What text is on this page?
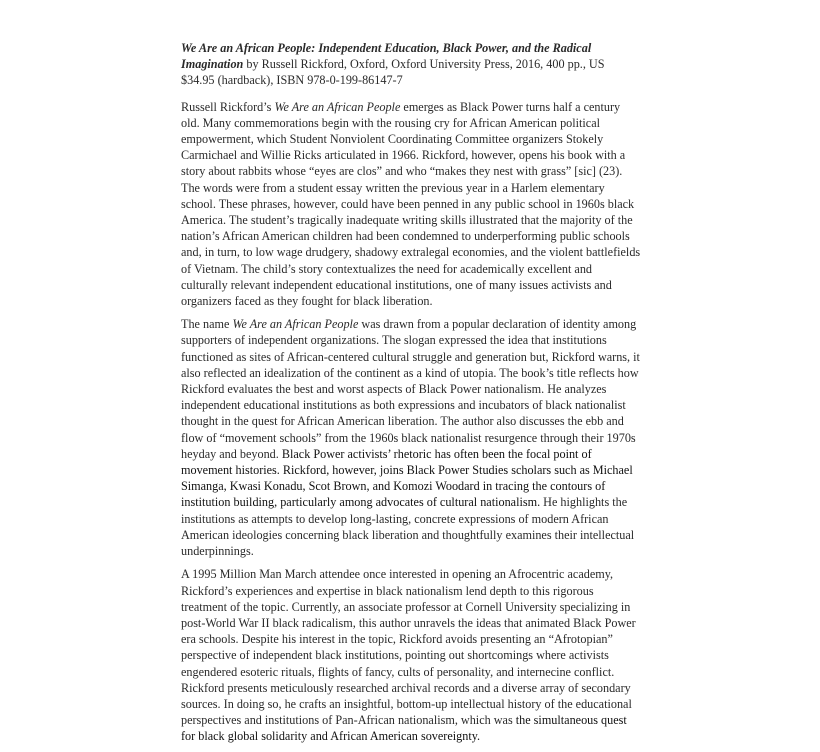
We Are an African People: Independent Education, Black Power, and the Radical Imagination by Russell Rickford, Oxford, Oxford University Press, 2016, 400 pp., US $34.95 (hardback), ISBN 978-0-199-86147-7

Russell Rickford’s We Are an African People emerges as Black Power turns half a century old. Many commemorations begin with the rousing cry for African American political empowerment, which Student Nonviolent Coordinating Committee organizers Stokely Carmichael and Willie Ricks articulated in 1966. Rickford, however, opens his book with a story about rabbits whose “eyes are clos” and who “makes they nest with grass” [sic] (23). The words were from a student essay written the previous year in a Harlem elementary school. These phrases, however, could have been penned in any public school in 1960s black America. The student’s tragically inadequate writing skills illustrated that the majority of the nation’s African American children had been condemned to underperforming public schools and, in turn, to low wage drudgery, shadowy extralegal economies, and the violent battlefields of Vietnam. The child’s story contextualizes the need for academically excellent and culturally relevant independent educational institutions, one of many issues activists and organizers faced as they fought for black liberation.

The name We Are an African People was drawn from a popular declaration of identity among supporters of independent organizations. The slogan expressed the idea that institutions functioned as sites of African-centered cultural struggle and generation but, Rickford warns, it also reflected an idealization of the continent as a kind of utopia. The book’s title reflects how Rickford evaluates the best and worst aspects of Black Power nationalism. He analyzes independent educational institutions as both expressions and incubators of black nationalist thought in the quest for African American liberation. The author also discusses the ebb and flow of “movement schools” from the 1960s black nationalist resurgence through their 1970s heyday and beyond. Black Power activists’ rhetoric has often been the focal point of movement histories. Rickford, however, joins Black Power Studies scholars such as Michael Simanga, Kwasi Konadu, Scot Brown, and Komozi Woodard in tracing the contours of institution building, particularly among advocates of cultural nationalism. He highlights the institutions as attempts to develop long-lasting, concrete expressions of modern African American ideologies concerning black liberation and thoughtfully examines their intellectual underpinnings.

A 1995 Million Man March attendee once interested in opening an Afrocentric academy, Rickford’s experiences and expertise in black nationalism lend depth to this rigorous treatment of the topic. Currently, an associate professor at Cornell University specializing in post-World War II black radicalism, this author unravels the ideas that animated Black Power era schools. Despite his interest in the topic, Rickford avoids presenting an “Afrotopian” perspective of independent black institutions, pointing out shortcomings where activists engendered esoteric rituals, flights of fancy, cults of personality, and internecine conflict. Rickford presents meticulously researched archival records and a diverse array of secondary sources. In doing so, he crafts an insightful, bottom-up intellectual history of the educational perspectives and institutions of Pan-African nationalism, which was the simultaneous quest for black global solidarity and African American sovereignty.
